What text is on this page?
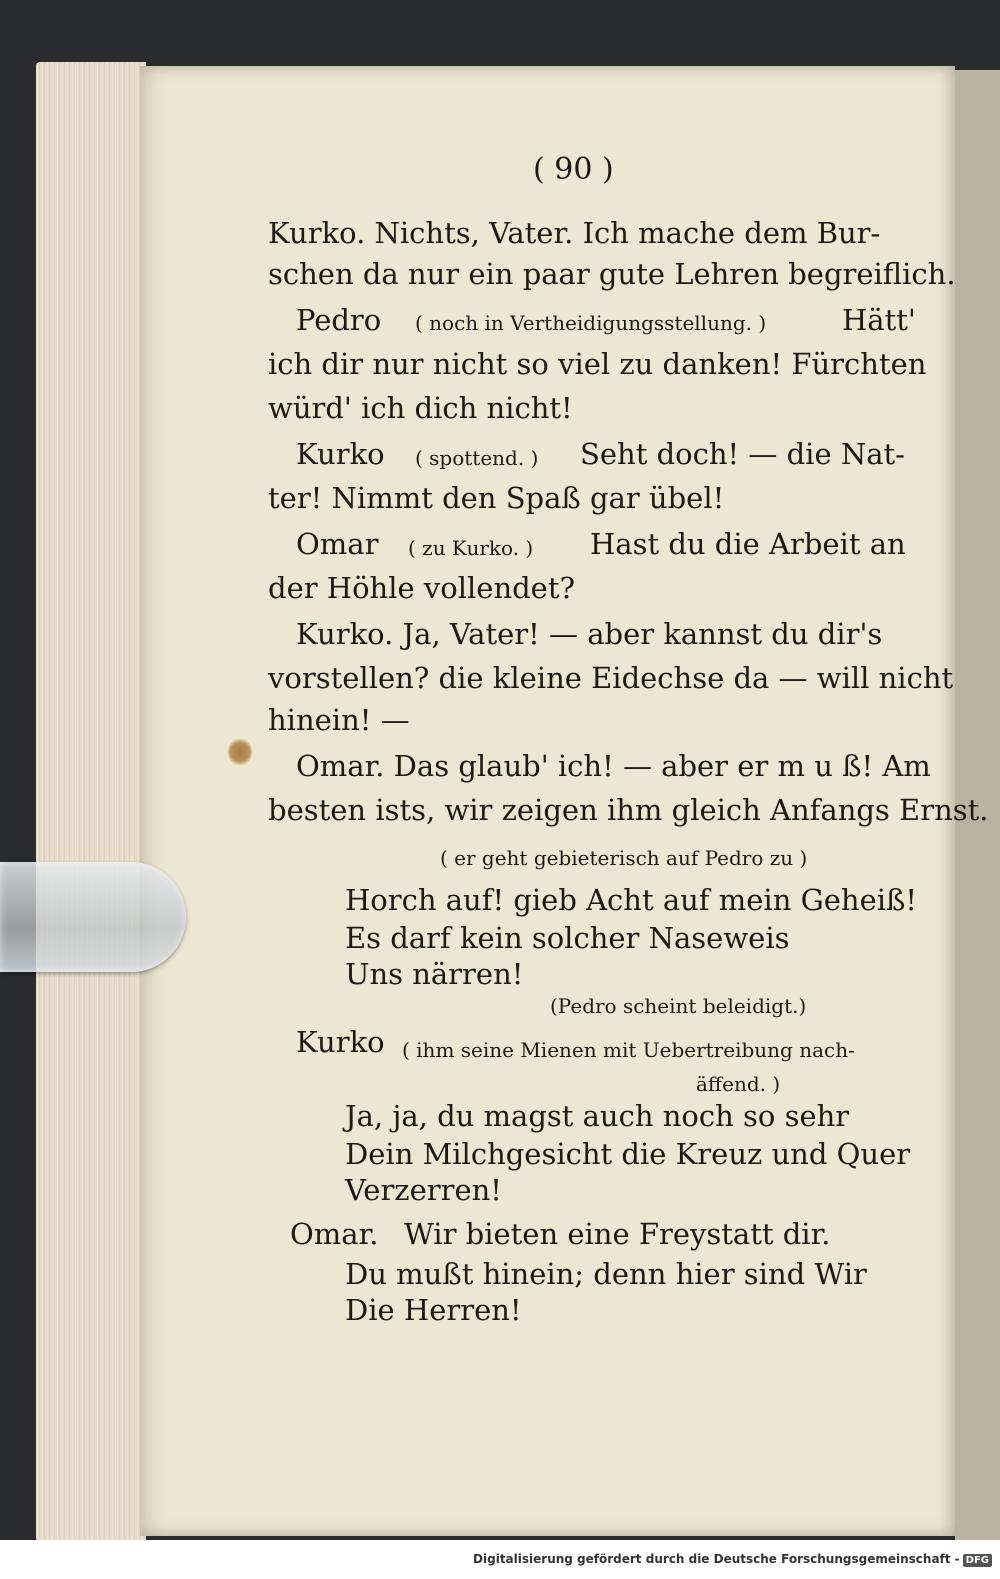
( 90 )
Kurko. Nichts, Vater. Ich mache dem Bur-
schen da nur ein paar gute Lehren begreiflich.
Pedro ( noch in Vertheidigungsstellung. )	Hätt'
ich dir nur nicht so viel zu danken! Fürchten
würd' ich dich nicht!
Kurko ( spottend. ) Seht doch! — die Nat-
ter! Nimmt den Spaß gar übel!
Omar ( zu Kurko. ) Hast du die Arbeit an
der Höhle vollendet?
Kurko. Ja, Vater! — aber kannst du dir's
vorstellen? die kleine Eidechse da — will nicht
hinein! —
Omar. Das glaub' ich! — aber er m u ß! Am
besten ists, wir zeigen ihm gleich Anfangs Ernst.
( er geht gebieterisch auf Pedro zu )
Horch auf! gieb Acht auf mein Geheiß!
Es darf kein solcher Naseweis
Uns närren!
(Pedro scheint beleidigt.)
Kurko ( ihm seine Mienen mit Uebertreibung nach-
äffend. )
Ja, ja, du magst auch noch so sehr
Dein Milchgesicht die Kreuz und Quer
Verzerren!
Omar. Wir bieten eine Freystatt dir.
Du mußt hinein; denn hier sind Wir
Die Herren!
Digitalisierung gefördert durch die Deutsche Forschungsgemeinschaft - DFG
